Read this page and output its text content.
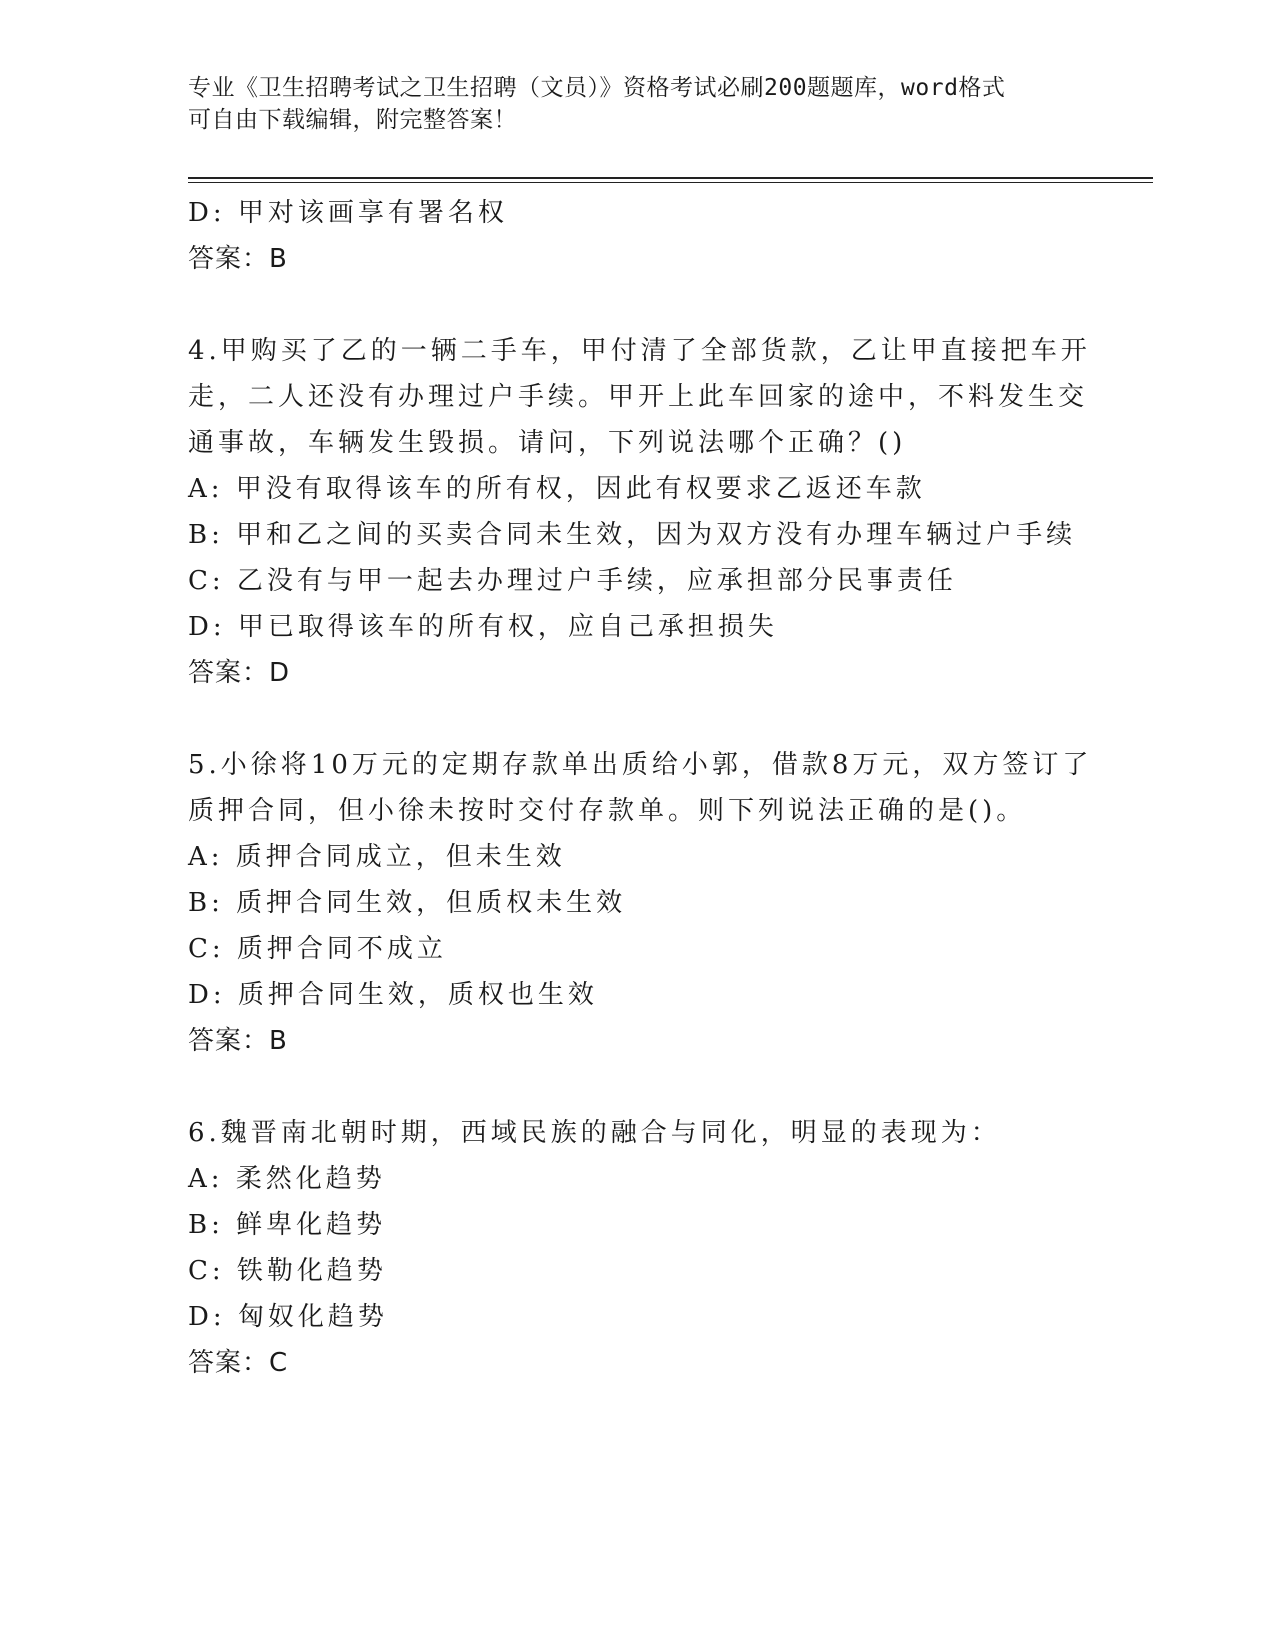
专业《卫生招聘考试之卫生招聘（文员）》资格考试必刷200题题库，word格式
可自由下载编辑，附完整答案！
D: 甲对该画享有署名权
答案：B
4.甲购买了乙的一辆二手车，甲付清了全部货款，乙让甲直接把车开
走，二人还没有办理过户手续。甲开上此车回家的途中，不料发生交
通事故，车辆发生毁损。请问，下列说法哪个正确？()
A: 甲没有取得该车的所有权，因此有权要求乙返还车款
B: 甲和乙之间的买卖合同未生效，因为双方没有办理车辆过户手续
C: 乙没有与甲一起去办理过户手续，应承担部分民事责任
D: 甲已取得该车的所有权，应自己承担损失
答案：D
5.小徐将10万元的定期存款单出质给小郭，借款8万元，双方签订了
质押合同，但小徐未按时交付存款单。则下列说法正确的是()。
A: 质押合同成立，但未生效
B: 质押合同生效，但质权未生效
C: 质押合同不成立
D: 质押合同生效，质权也生效
答案：B
6.魏晋南北朝时期，西域民族的融合与同化，明显的表现为：
A: 柔然化趋势
B: 鲜卑化趋势
C: 铁勒化趋势
D: 匈奴化趋势
答案：C
